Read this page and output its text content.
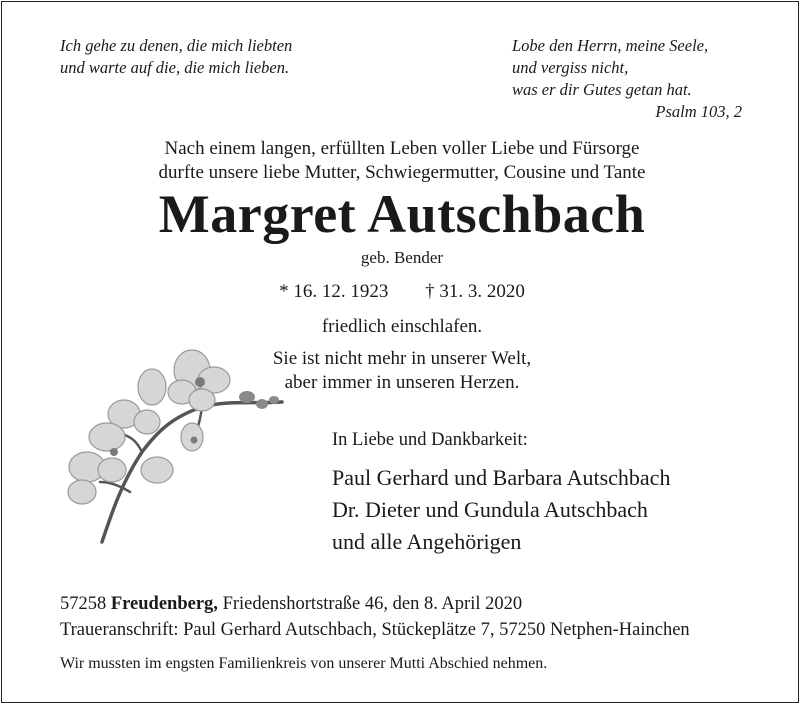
Ich gehe zu denen, die mich liebten
und warte auf die, die mich lieben.
Lobe den Herrn, meine Seele,
und vergiss nicht,
was er dir Gutes getan hat.
Psalm 103, 2
Nach einem langen, erfüllten Leben voller Liebe und Fürsorge
durfte unsere liebe Mutter, Schwiegermutter, Cousine und Tante
Margret Autschbach
geb. Bender
* 16. 12. 1923 † 31. 3. 2020
friedlich einschlafen.
Sie ist nicht mehr in unserer Welt,
aber immer in unseren Herzen.
In Liebe und Dankbarkeit:
Paul Gerhard und Barbara Autschbach
Dr. Dieter und Gundula Autschbach
und alle Angehörigen
57258 Freudenberg, Friedenshortstraße 46, den 8. April 2020
Traueranschrift: Paul Gerhard Autschbach, Stückeplätze 7, 57250 Netphen-Hainchen
Wir mussten im engsten Familienkreis von unserer Mutti Abschied nehmen.
